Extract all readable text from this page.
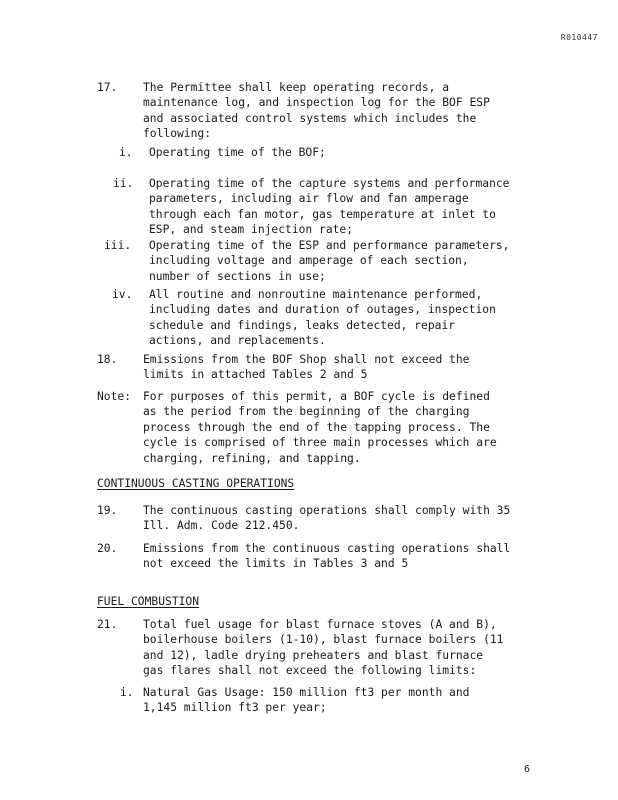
R010447
17.	The Permittee shall keep operating records, a
maintenance log, and inspection log for the BOF ESP
and associated control systems which includes the
following:
i.	Operating time of the BOF;
ii.	Operating time of the capture systems and performance
parameters, including air flow and fan amperage
through each fan motor, gas temperature at inlet to
ESP, and steam injection rate;
iii.	Operating time of the ESP and performance parameters,
including voltage and amperage of each section,
number of sections in use;
iv.	All routine and nonroutine maintenance performed,
including dates and duration of outages, inspection
schedule and findings, leaks detected, repair
actions, and replacements.
18.	Emissions from the BOF Shop shall not exceed the
limits in attached Tables 2 and 5
Note:	For purposes of this permit, a BOF cycle is defined
as the period from the beginning of the charging
process through the end of the tapping process. The
cycle is comprised of three main processes which are
charging, refining, and tapping.
CONTINUOUS CASTING OPERATIONS
19.	The continuous casting operations shall comply with 35
Ill. Adm. Code 212.450.
20.	Emissions from the continuous casting operations shall
not exceed the limits in Tables 3 and 5
FUEL COMBUSTION
21.	Total fuel usage for blast furnace stoves (A and B),
boilerhouse boilers (1-10), blast furnace boilers (11
and 12), ladle drying preheaters and blast furnace
gas flares shall not exceed the following limits:
i. Natural Gas Usage: 150 million ft3 per month and
1,145 million ft3 per year;
6
